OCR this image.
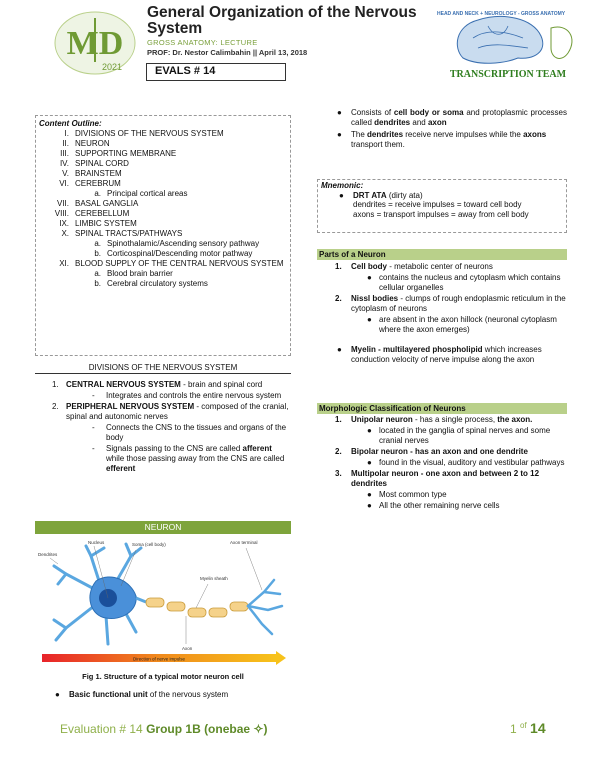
MD
2021
General Organization of the Nervous System
GROSS ANATOMY: LECTURE
PROF: Dr. Nestor Calimbahin || April 13, 2018
EVALS # 14
HEAD AND NECK + NEUROLOGY - GROSS ANATOMY
TRANSCRIPTION TEAM
Content Outline:
I. DIVISIONS OF THE NERVOUS SYSTEM
II. NEURON
III. SUPPORTING MEMBRANE
IV. SPINAL CORD
V. BRAINSTEM
VI. CEREBRUM
a. Principal cortical areas
VII. BASAL GANGLIA
VIII. CEREBELLUM
IX. LIMBIC SYSTEM
X. SPINAL TRACTS/PATHWAYS
a. Spinothalamic/Ascending sensory pathway
b. Corticospinal/Descending motor pathway
XI. BLOOD SUPPLY OF THE CENTRAL NERVOUS SYSTEM
a. Blood brain barrier
b. Cerebral circulatory systems
DIVISIONS OF THE NERVOUS SYSTEM
1. CENTRAL NERVOUS SYSTEM - brain and spinal cord
-	Integrates and controls the entire nervous system
2. PERIPHERAL NERVOUS SYSTEM - composed of the cranial, spinal and autonomic nerves
-	Connects the CNS to the tissues and organs of the body
-	Signals passing to the CNS are called afferent while those passing away from the CNS are called efferent
NEURON
Nucleus	Soma (cell body)
Dendrites
Axon terminal
Myelin sheath
Axon
Direction of nerve impulse
Fig 1. Structure of a typical motor neuron cell
●	Basic functional unit of the nervous system
●	Consists of cell body or soma and protoplasmic processes called dendrites and axon
●	The dendrites receive nerve impulses while the axons transport them.
Mnemonic:
●	DRT ATA (dirty ata)
dendrites = receive impulses = toward cell body
axons = transport impulses = away from cell body
Parts of a Neuron
1.	Cell body - metabolic center of neurons
● contains the nucleus and cytoplasm which contains cellular organelles
2.	Nissl bodies - clumps of rough endoplasmic reticulum in the cytoplasm of neurons
● are absent in the axon hillock (neuronal cytoplasm where the axon emerges)
●	Myelin - multilayered phospholipid which increases conduction velocity of nerve impulse along the axon
Morphologic Classification of Neurons
1.	Unipolar neuron - has a single process, the axon.
● located in the ganglia of spinal nerves and some cranial nerves
2.	Bipolar neuron - has an axon and one dendrite
● found in the visual, auditory and vestibular pathways
3.	Multipolar neuron - one axon and between 2 to 12 dendrites
● Most common type
● All the other remaining nerve cells
Evaluation # 14 Group 1B (onebae ✧)	1 $^{of}$ 14
